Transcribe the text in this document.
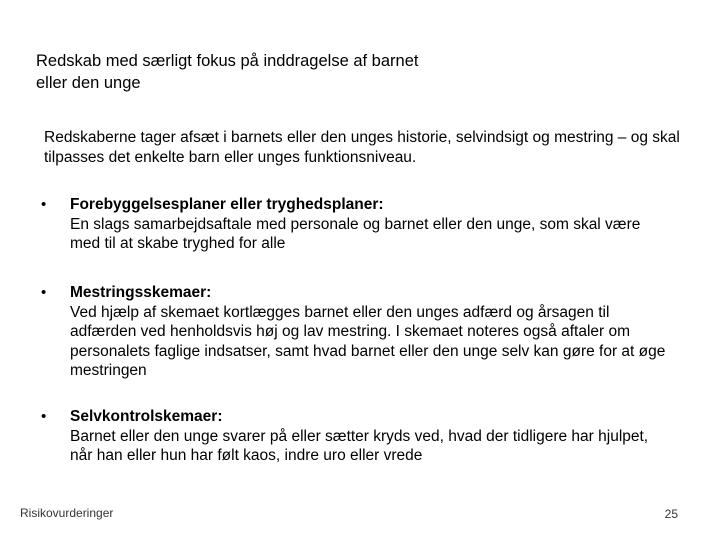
Redskab med særligt fokus på inddragelse af barnet
eller den unge

Redskaberne tager afsæt i barnets eller den unges historie, selvindsigt og mestring – og skal tilpasses det enkelte barn eller unges funktionsniveau.

• Forebyggelsesplaner eller tryghedsplaner:
En slags samarbejdsaftale med personale og barnet eller den unge, som skal være med til at skabe tryghed for alle
• Mestringsskemaer:
Ved hjælp af skemaet kortlægges barnet eller den unges adfærd og årsagen til adfærden ved henholdsvis høj og lav mestring. I skemaet noteres også aftaler om personalets faglige indsatser, samt hvad barnet eller den unge selv kan gøre for at øge mestringen
• Selvkontrolskemaer:
Barnet eller den unge svarer på eller sætter kryds ved, hvad der tidligere har hjulpet, når han eller hun har følt kaos, indre uro eller vrede
Risikovurderinger	25
